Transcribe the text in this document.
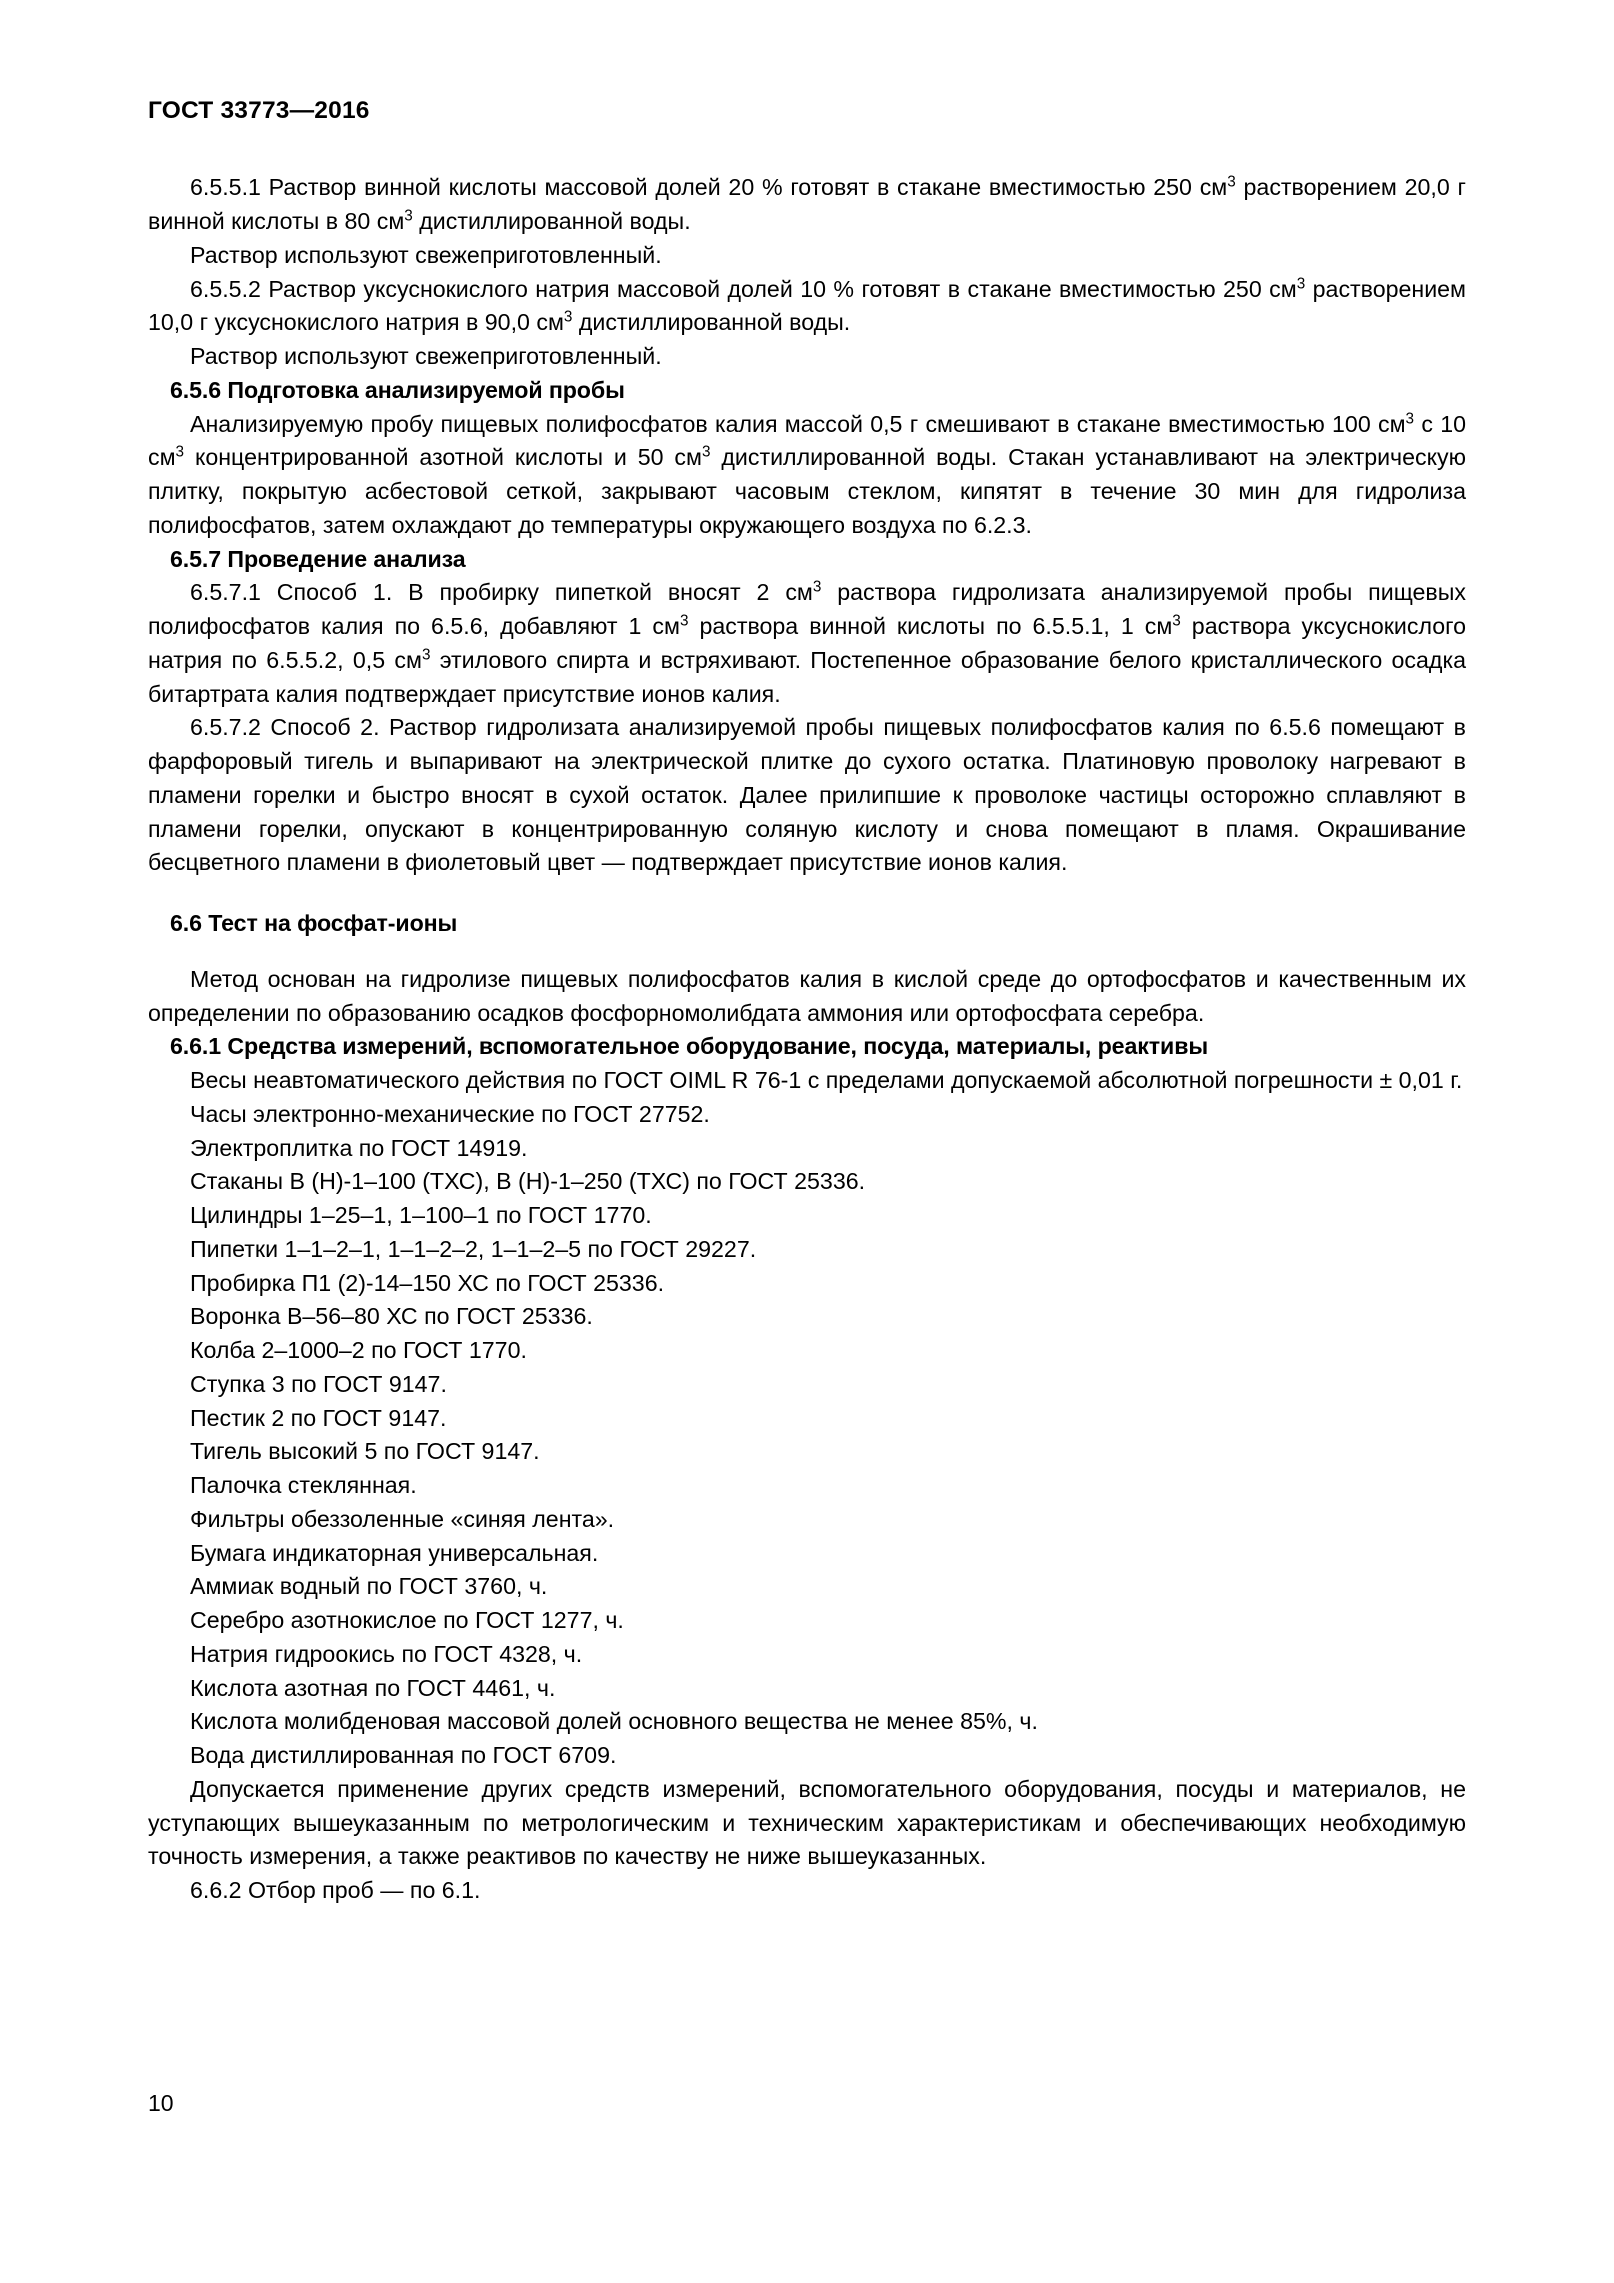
ГОСТ 33773—2016

6.5.5.1 Раствор винной кислоты массовой долей 20 % готовят в стакане вместимостью 250 $см^3$ растворением 20,0 г винной кислоты в 80 $см^3$ дистиллированной воды.

Раствор используют свежеприготовленный.

6.5.5.2 Раствор уксуснокислого натрия массовой долей 10 % готовят в стакане вместимостью 250 $см^3$ растворением 10,0 г уксуснокислого натрия в 90,0 $см^3$ дистиллированной воды.

Раствор используют свежеприготовленный.

6.5.6 Подготовка анализируемой пробы

Анализируемую пробу пищевых полифосфатов калия массой 0,5 г смешивают в стакане вместимостью 100 $см^3$ с 10 $см^3$ концентрированной азотной кислоты и 50 $см^3$ дистиллированной воды. Стакан устанавливают на электрическую плитку, покрытую асбестовой сеткой, закрывают часовым стеклом, кипятят в течение 30 мин для гидролиза полифосфатов, затем охлаждают до температуры окружающего воздуха по 6.2.3.

6.5.7 Проведение анализа

6.5.7.1 Способ 1. В пробирку пипеткой вносят 2 $см^3$ раствора гидролизата анализируемой пробы пищевых полифосфатов калия по 6.5.6, добавляют 1 $см^3$ раствора винной кислоты по 6.5.5.1, 1 $см^3$ раствора уксуснокислого натрия по 6.5.5.2, 0,5 $см^3$ этилового спирта и встряхивают. Постепенное образование белого кристаллического осадка битартрата калия подтверждает присутствие ионов калия.

6.5.7.2 Способ 2. Раствор гидролизата анализируемой пробы пищевых полифосфатов калия по 6.5.6 помещают в фарфоровый тигель и выпаривают на электрической плитке до сухого остатка. Платиновую проволоку нагревают в пламени горелки и быстро вносят в сухой остаток. Далее прилипшие к проволоке частицы осторожно сплавляют в пламени горелки, опускают в концентрированную соляную кислоту и снова помещают в пламя. Окрашивание бесцветного пламени в фиолетовый цвет — подтверждает присутствие ионов калия.

6.6 Тест на фосфат-ионы

Метод основан на гидролизе пищевых полифосфатов калия в кислой среде до ортофосфатов и качественным их определении по образованию осадков фосфорномолибдата аммония или ортофосфата серебра.

6.6.1 Средства измерений, вспомогательное оборудование, посуда, материалы, реактивы

Весы неавтоматического действия по ГОСТ OIML R 76-1 с пределами допускаемой абсолютной погрешности ± 0,01 г.

Часы электронно-механические по ГОСТ 27752.

Электроплитка по ГОСТ 14919.

Стаканы В (Н)-1–100 (ТХС), В (Н)-1–250 (ТХС) по ГОСТ 25336.

Цилиндры 1–25–1, 1–100–1 по ГОСТ 1770.

Пипетки 1–1–2–1, 1–1–2–2, 1–1–2–5 по ГОСТ 29227.

Пробирка П1 (2)-14–150 ХС по ГОСТ 25336.

Воронка В–56–80 ХС по ГОСТ 25336.

Колба 2–1000–2 по ГОСТ 1770.

Ступка 3 по ГОСТ 9147.

Пестик 2 по ГОСТ 9147.

Тигель высокий 5 по ГОСТ 9147.

Палочка стеклянная.

Фильтры обеззоленные «синяя лента».

Бумага индикаторная универсальная.

Аммиак водный по ГОСТ 3760, ч.

Серебро азотнокислое по ГОСТ 1277, ч.

Натрия гидроокись по ГОСТ 4328, ч.

Кислота азотная по ГОСТ 4461, ч.

Кислота молибденовая массовой долей основного вещества не менее 85%, ч.

Вода дистиллированная по ГОСТ 6709.

Допускается применение других средств измерений, вспомогательного оборудования, посуды и материалов, не уступающих вышеуказанным по метрологическим и техническим характеристикам и обеспечивающих необходимую точность измерения, а также реактивов по качеству не ниже вышеуказанных.

6.6.2 Отбор проб — по 6.1.

10
